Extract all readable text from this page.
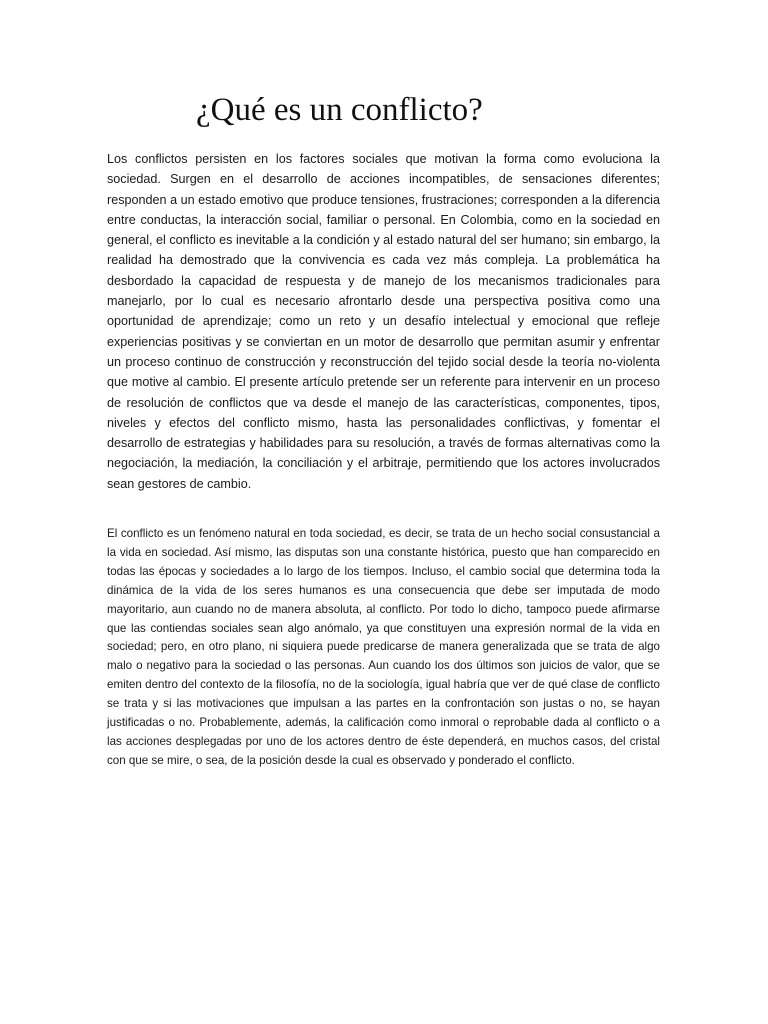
¿Qué es un conflicto?

Los conflictos persisten en los factores sociales que motivan la forma como evoluciona la sociedad. Surgen en el desarrollo de acciones incompatibles, de sensaciones diferentes; responden a un estado emotivo que produce tensiones, frustraciones; corresponden a la diferencia entre conductas, la interacción social, familiar o personal. En Colombia, como en la sociedad en general, el conflicto es inevitable a la condición y al estado natural del ser humano; sin embargo, la realidad ha demostrado que la convivencia es cada vez más compleja. La problemática ha desbordado la capacidad de respuesta y de manejo de los mecanismos tradicionales para manejarlo, por lo cual es necesario afrontarlo desde una perspectiva positiva como una oportunidad de aprendizaje; como un reto y un desafío intelectual y emocional que refleje experiencias positivas y se conviertan en un motor de desarrollo que permitan asumir y enfrentar un proceso continuo de construcción y reconstrucción del tejido social desde la teoría no-violenta que motive al cambio. El presente artículo pretende ser un referente para intervenir en un proceso de resolución de conflictos que va desde el manejo de las características, componentes, tipos, niveles y efectos del conflicto mismo, hasta las personalidades conflictivas, y fomentar el desarrollo de estrategias y habilidades para su resolución, a través de formas alternativas como la negociación, la mediación, la conciliación y el arbitraje, permitiendo que los actores involucrados sean gestores de cambio.

El conflicto es un fenómeno natural en toda sociedad, es decir, se trata de un hecho social consustancial a la vida en sociedad. Así mismo, las disputas son una constante histórica, puesto que han comparecido en todas las épocas y sociedades a lo largo de los tiempos. Incluso, el cambio social que determina toda la dinámica de la vida de los seres humanos es una consecuencia que debe ser imputada de modo mayoritario, aun cuando no de manera absoluta, al conflicto. Por todo lo dicho, tampoco puede afirmarse que las contiendas sociales sean algo anómalo, ya que constituyen una expresión normal de la vida en sociedad; pero, en otro plano, ni siquiera puede predicarse de manera generalizada que se trata de algo malo o negativo para la sociedad o las personas. Aun cuando los dos últimos son juicios de valor, que se emiten dentro del contexto de la filosofía, no de la sociología, igual habría que ver de qué clase de conflicto se trata y si las motivaciones que impulsan a las partes en la confrontación son justas o no, se hayan justificadas o no. Probablemente, además, la calificación como inmoral o reprobable dada al conflicto o a las acciones desplegadas por uno de los actores dentro de éste dependerá, en muchos casos, del cristal con que se mire, o sea, de la posición desde la cual es observado y ponderado el conflicto.
